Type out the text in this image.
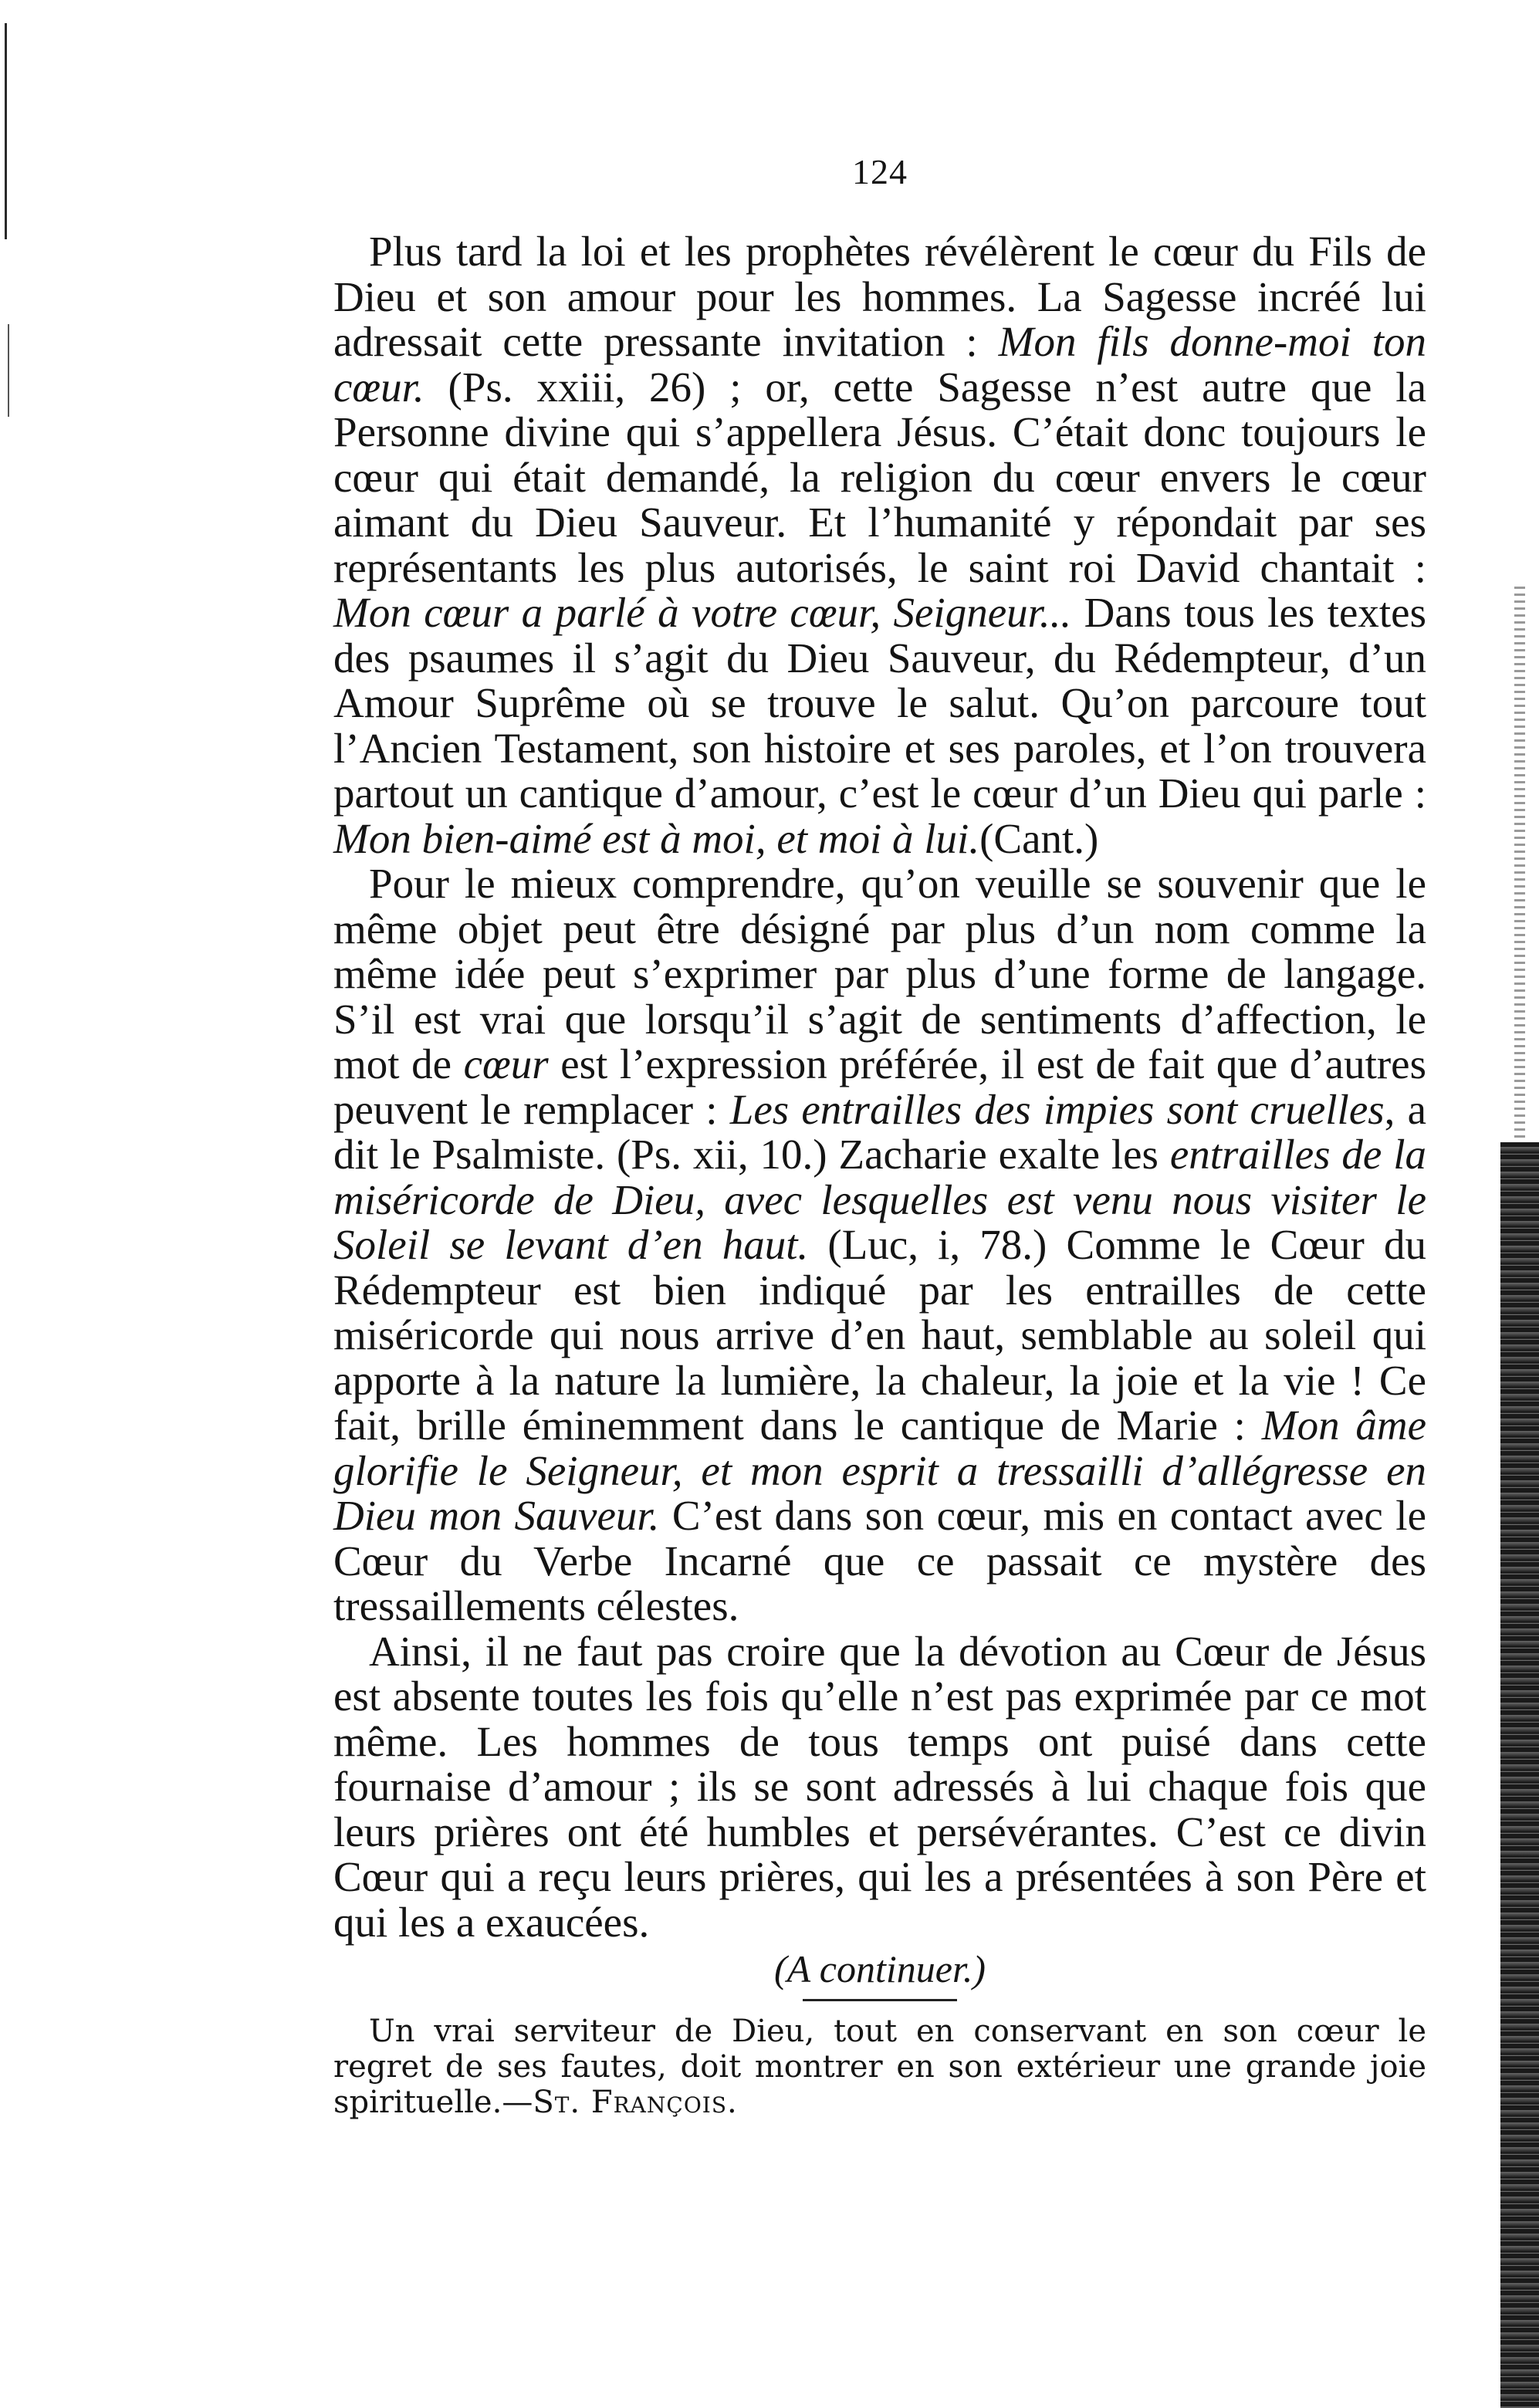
124

Plus tard la loi et les prophètes révélèrent le cœur du Fils de Dieu et son amour pour les hommes. La Sagesse incréé lui adressait cette pressante invitation : Mon fils donne-moi ton cœur. (Ps. xxiii, 26) ; or, cette Sagesse n’est autre que la Personne divine qui s’appellera Jésus. C’était donc toujours le cœur qui était demandé, la religion du cœur envers le cœur aimant du Dieu Sauveur. Et l’humanité y répondait par ses représentants les plus autorisés, le saint roi David chantait : Mon cœur a parlé à votre cœur, Seigneur... Dans tous les textes des psaumes il s’agit du Dieu Sauveur, du Rédempteur, d’un Amour Suprême où se trouve le salut. Qu’on parcoure tout l’Ancien Testament, son histoire et ses paroles, et l’on trouvera partout un cantique d’amour, c’est le cœur d’un Dieu qui parle : Mon bien-aimé est à moi, et moi à lui.(Cant.)

Pour le mieux comprendre, qu’on veuille se souvenir que le même objet peut être désigné par plus d’un nom comme la même idée peut s’exprimer par plus d’une forme de langage. S’il est vrai que lorsqu’il s’agit de sentiments d’affection, le mot de cœur est l’expression préférée, il est de fait que d’autres peuvent le remplacer : Les entrailles des impies sont cruelles, a dit le Psalmiste. (Ps. xii, 10.) Zacharie exalte les entrailles de la miséricorde de Dieu, avec lesquelles est venu nous visiter le Soleil se levant d’en haut. (Luc, i, 78.) Comme le Cœur du Rédempteur est bien indiqué par les entrailles de cette miséricorde qui nous arrive d’en haut, semblable au soleil qui apporte à la nature la lumière, la chaleur, la joie et la vie ! Ce fait, brille éminemment dans le cantique de Marie : Mon âme glorifie le Seigneur, et mon esprit a tressailli d’allégresse en Dieu mon Sauveur. C’est dans son cœur, mis en contact avec le Cœur du Verbe Incarné que ce passait ce mystère des tressaillements célestes.

Ainsi, il ne faut pas croire que la dévotion au Cœur de Jésus est absente toutes les fois qu’elle n’est pas exprimée par ce mot même. Les hommes de tous temps ont puisé dans cette fournaise d’amour ; ils se sont adressés à lui chaque fois que leurs prières ont été humbles et persévérantes. C’est ce divin Cœur qui a reçu leurs prières, qui les a présentées à son Père et qui les a exaucées.

(A continuer.)

Un vrai serviteur de Dieu, tout en conservant en son cœur le regret de ses fautes, doit montrer en son extérieur une grande joie spirituelle.—St. François.
